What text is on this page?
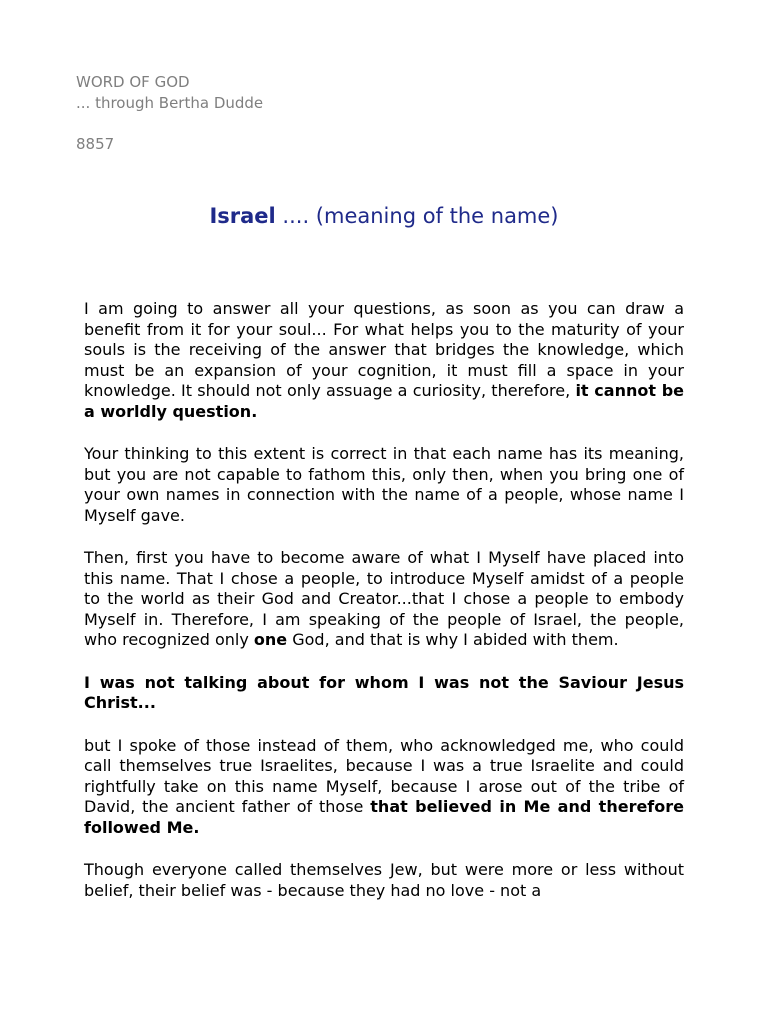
WORD OF GOD
... through Bertha Dudde
8857
Israel .... (meaning of the name)

I am going to answer all your questions, as soon as you can draw a benefit from it for your soul... For what helps you to the maturity of your souls is the receiving of the answer that bridges the knowledge, which must be an expansion of your cognition, it must fill a space in your knowledge. It should not only assuage a curiosity, therefore, it cannot be a worldly question.

Your thinking to this extent is correct in that each name has its meaning, but you are not capable to fathom this, only then, when you bring one of your own names in connection with the name of a people, whose name I Myself gave.

Then, first you have to become aware of what I Myself have placed into this name. That I chose a people, to introduce Myself amidst of a people to the world as their God and Creator...that I chose a people to embody Myself in. Therefore, I am speaking of the people of Israel, the people, who recognized only one God, and that is why I abided with them.

I was not talking about for whom I was not the Saviour Jesus Christ...

but I spoke of those instead of them, who acknowledged me, who could call themselves true Israelites, because I was a true Israelite and could rightfully take on this name Myself, because I arose out of the tribe of David, the ancient father of those that believed in Me and therefore followed Me.

Though everyone called themselves Jew, but were more or less without belief, their belief was - because they had no love - not a
